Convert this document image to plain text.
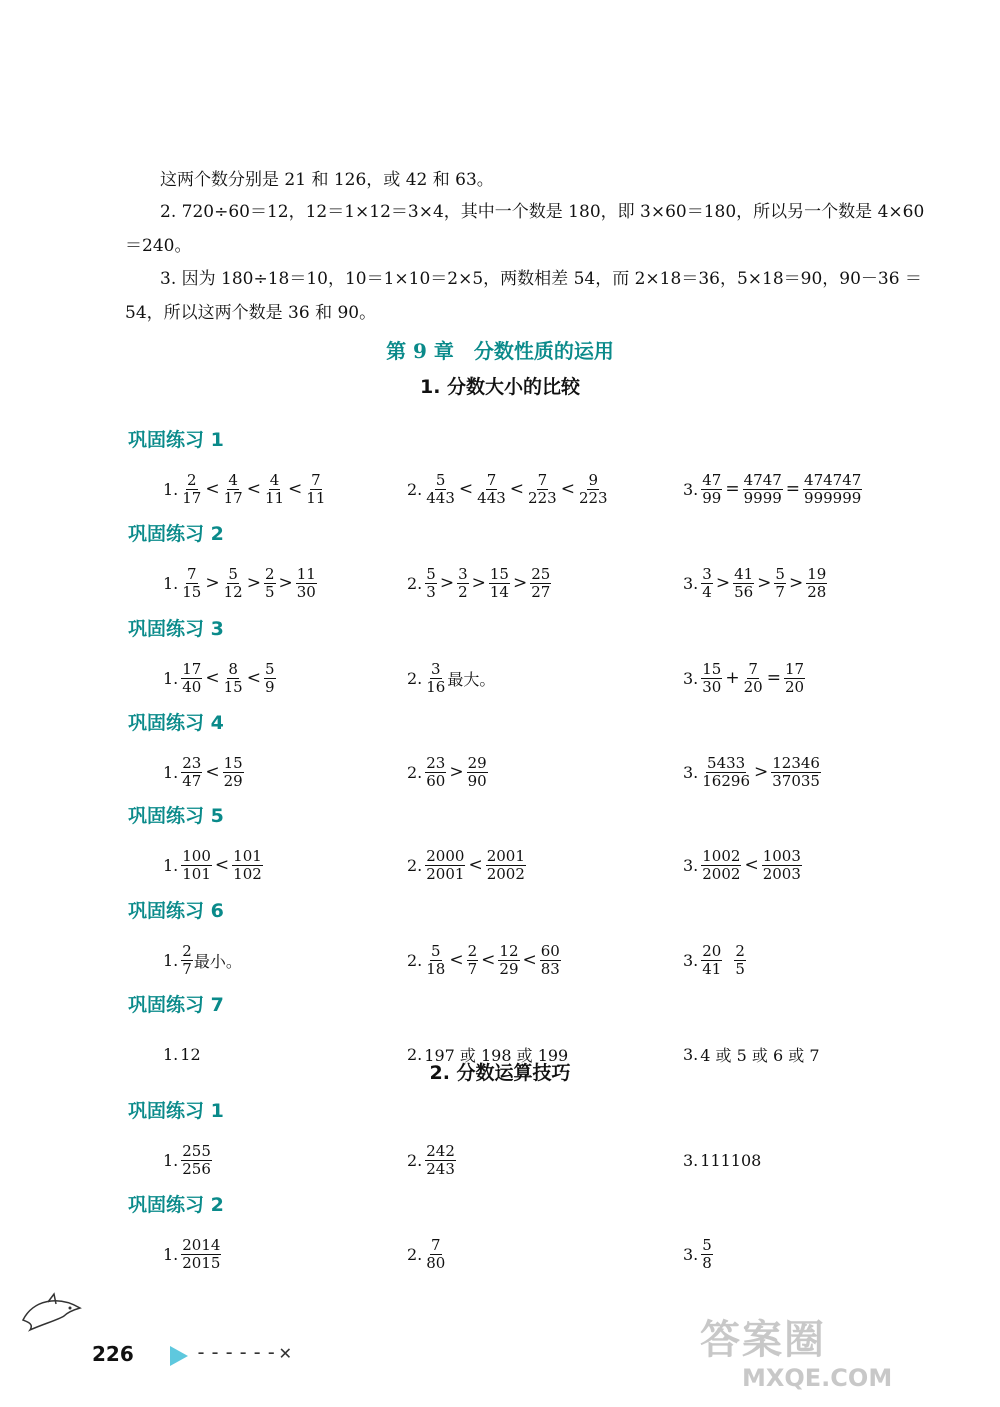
这两个数分别是 21 和 126，或 42 和 63。
2. 720÷60＝12，12＝1×12＝3×4，其中一个数是 180，即 3×60＝180，所以另一个数是 4×60＝240。
3. 因为 180÷18＝10，10＝1×10＝2×5，两数相差 54，而 2×18＝36，5×18＝90，90－36 ＝54，所以这两个数是 36 和 90。
第 9 章　分数性质的运用
1. 分数大小的比较
巩固练习 1
1. $\frac{2}{17} < \frac{4}{17} < \frac{4}{11} < \frac{7}{11}$	2. $\frac{5}{443} < \frac{7}{443} < \frac{7}{223} < \frac{9}{223}$	3. $\frac{47}{99} = \frac{4747}{9999} = \frac{474747}{999999}$
巩固练习 2
1. $\frac{7}{15} > \frac{5}{12} > \frac{2}{5} > \frac{11}{30}$	2. $\frac{5}{3} > \frac{3}{2} > \frac{15}{14} > \frac{25}{27}$	3. $\frac{3}{4} > \frac{41}{56} > \frac{5}{7} > \frac{19}{28}$
巩固练习 3
1. $\frac{17}{40} < \frac{8}{15} < \frac{5}{9}$	2. $\frac{3}{16}$ 最大。	3. $\frac{15}{30} + \frac{7}{20} = \frac{17}{20}$
巩固练习 4
1. $\frac{23}{47} < \frac{15}{29}$	2. $\frac{23}{60} > \frac{29}{90}$	3. $\frac{5433}{16296} > \frac{12346}{37035}$
巩固练习 5
1. $\frac{100}{101} < \frac{101}{102}$	2. $\frac{2000}{2001} < \frac{2001}{2002}$	3. $\frac{1002}{2002} < \frac{1003}{2003}$
巩固练习 6
1. $\frac{2}{7}$ 最小。	2. $\frac{5}{18} < \frac{2}{7} < \frac{12}{29} < \frac{60}{83}$	3. $\frac{20}{41} \frac{2}{5}$
巩固练习 7
1. 12	2. 197 或 198 或 199	3. 4 或 5 或 6 或 7
2. 分数运算技巧
巩固练习 1
1. $\frac{255}{256}$	2. $\frac{242}{243}$	3. 111108
巩固练习 2
1. $\frac{2014}{2015}$	2. $\frac{7}{80}$	3. $\frac{5}{8}$
226	------✕	答案圈
MXQE.COM
